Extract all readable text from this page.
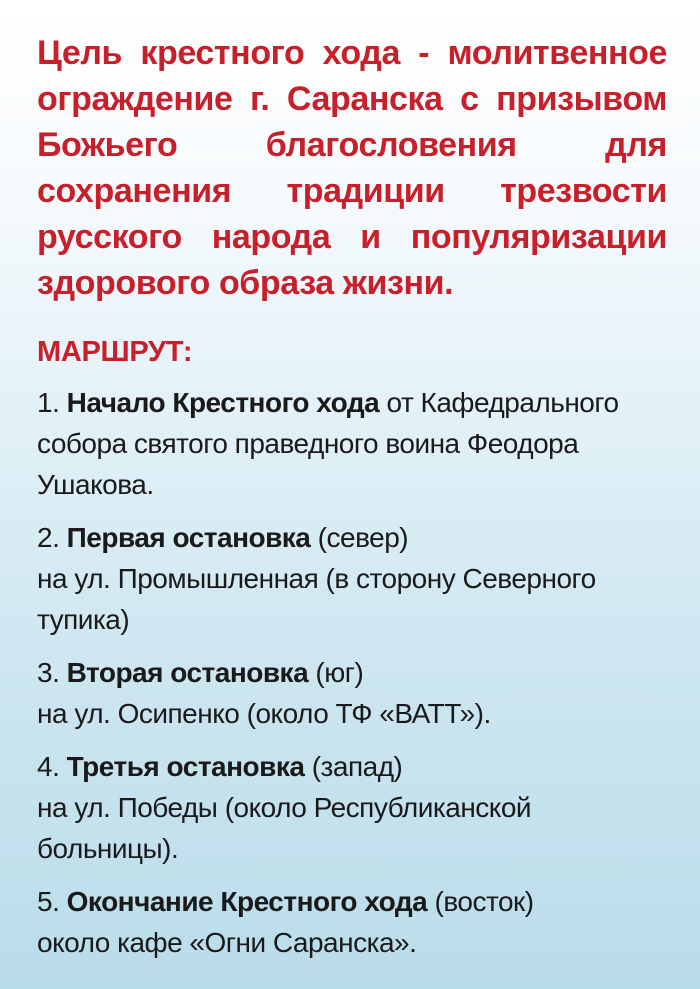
Цель крестного хода - молитвенное ограждение г. Саранска с призывом Божьего благословения для сохранения традиции трезвости русского народа и популяризации здорового образа жизни.

МАРШРУТ:
1. Начало Крестного хода от Кафедрального собора святого праведного воина Феодора Ушакова.
2. Первая остановка (север)
на ул. Промышленная (в сторону Северного тупика)
3. Вторая остановка (юг)
на ул. Осипенко (около ТФ «ВАТТ»).
4. Третья остановка (запад)
на ул. Победы (около Республиканской больницы).
5. Окончание Крестного хода (восток)
около кафе «Огни Саранска».
